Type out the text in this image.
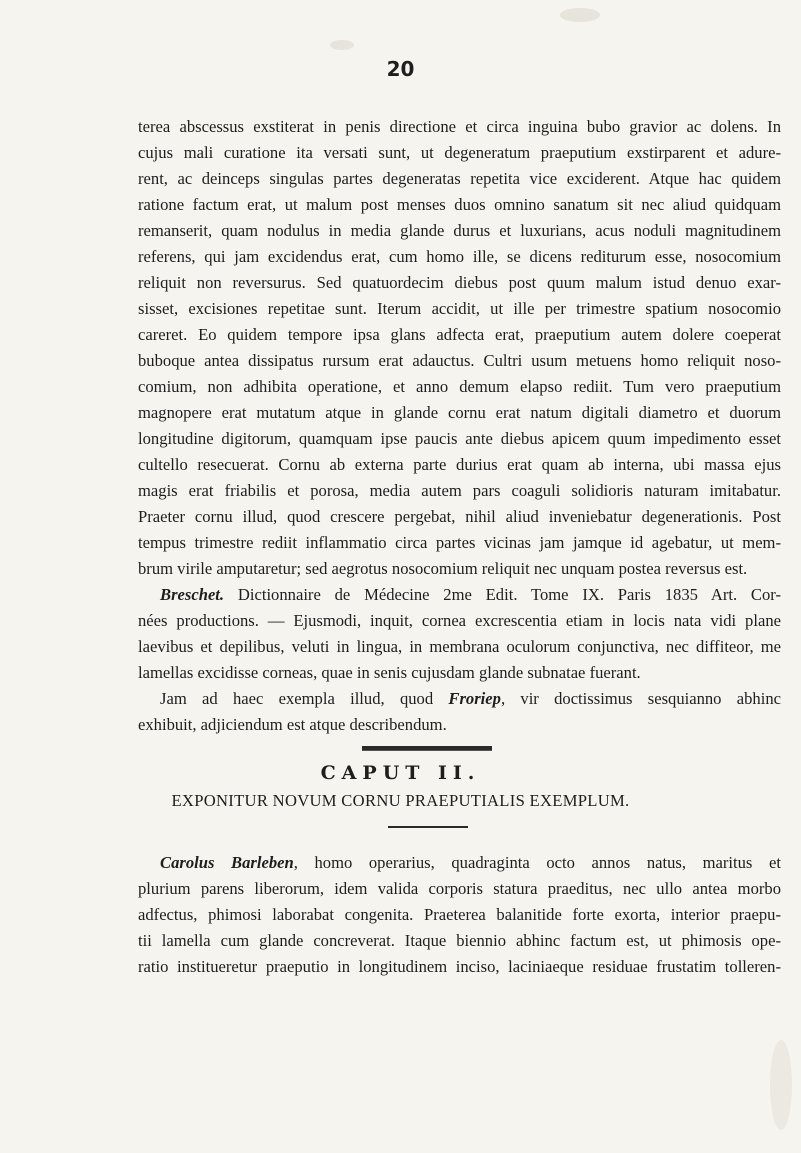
20
terea abscessus exstiterat in penis directione et circa inguina bubo gravior ac dolens. In
cujus mali curatione ita versati sunt, ut degeneratum praeputium exstirparent et adure-
rent, ac deinceps singulas partes degeneratas repetita vice exciderent. Atque hac quidem
ratione factum erat, ut malum post menses duos omnino sanatum sit nec aliud quidquam
remanserit, quam nodulus in media glande durus et luxurians, acus noduli magnitudinem
referens, qui jam excidendus erat, cum homo ille, se dicens rediturum esse, nosocomium
reliquit non reversurus. Sed quatuordecim diebus post quum malum istud denuo exar-
sisset, excisiones repetitae sunt. Iterum accidit, ut ille per trimestre spatium nosocomio
careret. Eo quidem tempore ipsa glans adfecta erat, praeputium autem dolere coeperat
buboque antea dissipatus rursum erat adauctus. Cultri usum metuens homo reliquit noso-
comium, non adhibita operatione, et anno demum elapso rediit. Tum vero praeputium
magnopere erat mutatum atque in glande cornu erat natum digitali diametro et duorum
longitudine digitorum, quamquam ipse paucis ante diebus apicem quum impedimento esset
cultello resecuerat. Cornu ab externa parte durius erat quam ab interna, ubi massa ejus
magis erat friabilis et porosa, media autem pars coaguli solidioris naturam imitabatur.
Praeter cornu illud, quod crescere pergebat, nihil aliud inveniebatur degenerationis. Post
tempus trimestre rediit inflammatio circa partes vicinas jam jamque id agebatur, ut mem-
brum virile amputaretur; sed aegrotus nosocomium reliquit nec unquam postea reversus est.
Breschet. Dictionnaire de Médecine 2me Edit. Tome IX. Paris 1835 Art. Cor-
nées productions. — Ejusmodi, inquit, cornea excrescentia etiam in locis nata vidi plane
laevibus et depilibus, veluti in lingua, in membrana oculorum conjunctiva, nec diffiteor, me
lamellas excidisse corneas, quae in senis cujusdam glande subnatae fuerant.
Jam ad haec exempla illud, quod Froriep, vir doctissimus sesquianno abhinc
exhibuit, adjiciendum est atque describendum.
CAPUT II.
EXPONITUR NOVUM CORNU PRAEPUTIALIS EXEMPLUM.
Carolus Barleben, homo operarius, quadraginta octo annos natus, maritus et
plurium parens liberorum, idem valida corporis statura praeditus, nec ullo antea morbo
adfectus, phimosi laborabat congenita. Praeterea balanitide forte exorta, interior praepu-
tii lamella cum glande concreverat. Itaque biennio abhinc factum est, ut phimosis ope-
ratio institueretur praeputio in longitudinem inciso, laciniaeque residuae frustatim tolleren-
